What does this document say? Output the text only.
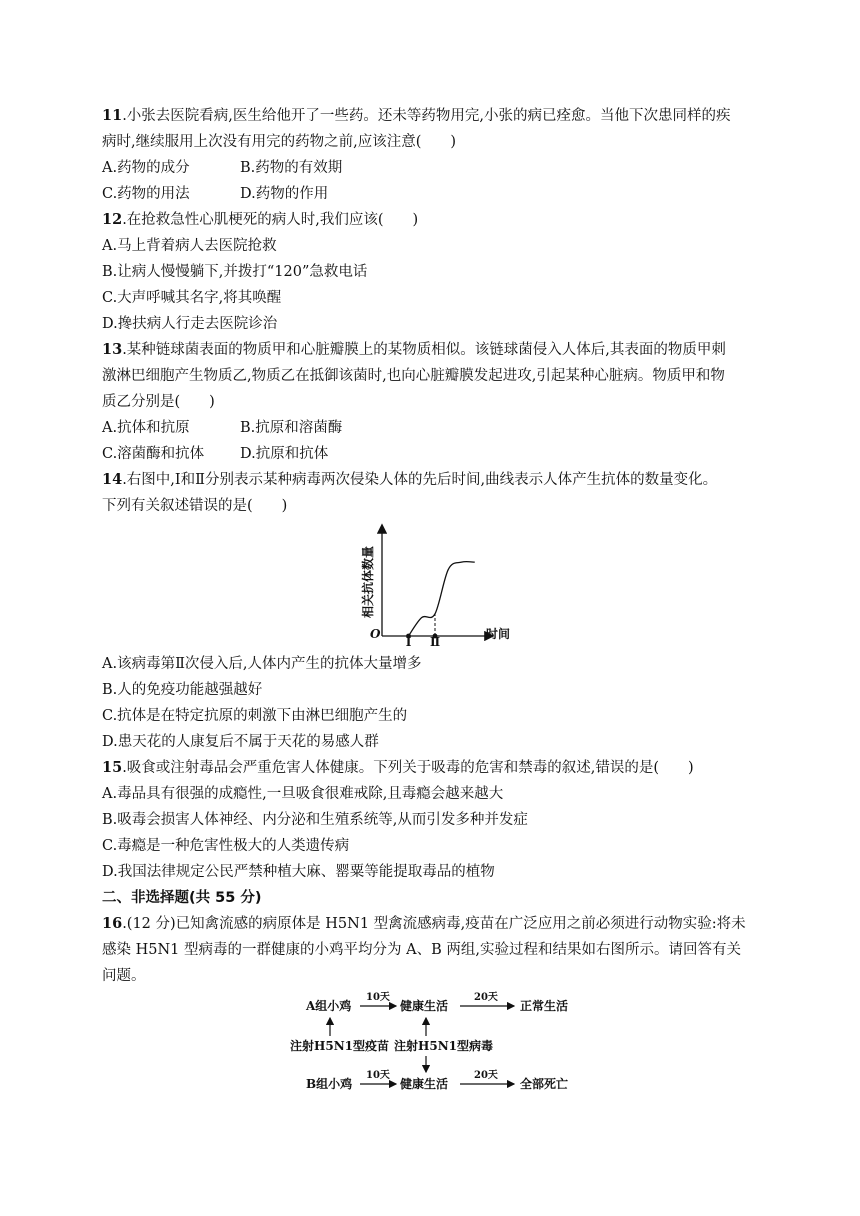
11.小张去医院看病,医生给他开了一些药。还未等药物用完,小张的病已痊愈。当他下次患同样的疾
病时,继续服用上次没有用完的药物之前,应该注意(　　)
A.药物的成分	B.药物的有效期
C.药物的用法	D.药物的作用
12.在抢救急性心肌梗死的病人时,我们应该(　　)
A.马上背着病人去医院抢救
B.让病人慢慢躺下,并拨打“120”急救电话
C.大声呼喊其名字,将其唤醒
D.搀扶病人行走去医院诊治
13.某种链球菌表面的物质甲和心脏瓣膜上的某物质相似。该链球菌侵入人体后,其表面的物质甲刺
激淋巴细胞产生物质乙,物质乙在抵御该菌时,也向心脏瓣膜发起进攻,引起某种心脏病。物质甲和物
质乙分别是(　　)
A.抗体和抗原	B.抗原和溶菌酶
C.溶菌酶和抗体 D.抗原和抗体
14.右图中,Ⅰ和Ⅱ分别表示某种病毒两次侵染人体的先后时间,曲线表示人体产生抗体的数量变化。
下列有关叙述错误的是(　　)
相关抗体数量
时间
O
Ⅰ Ⅱ
A.该病毒第Ⅱ次侵入后,人体内产生的抗体大量增多
B.人的免疫功能越强越好
C.抗体是在特定抗原的刺激下由淋巴细胞产生的
D.患天花的人康复后不属于天花的易感人群
15.吸食或注射毒品会严重危害人体健康。下列关于吸毒的危害和禁毒的叙述,错误的是(　　)
A.毒品具有很强的成瘾性,一旦吸食很难戒除,且毒瘾会越来越大
B.吸毒会损害人体神经、内分泌和生殖系统等,从而引发多种并发症
C.毒瘾是一种危害性极大的人类遗传病
D.我国法律规定公民严禁种植大麻、罂粟等能提取毒品的植物
二、非选择题(共 55 分)
16.(12 分)已知禽流感的病原体是 H5N1 型禽流感病毒,疫苗在广泛应用之前必须进行动物实验:将未
感染 H5N1 型病毒的一群健康的小鸡平均分为 A、B 两组,实验过程和结果如右图所示。请回答有关
问题。
A组小鸡
10天
健康生活
20天
正常生活
注射H5N1型疫苗 注射H5N1型病毒
B组小鸡
10天
健康生活
20天
全部死亡
